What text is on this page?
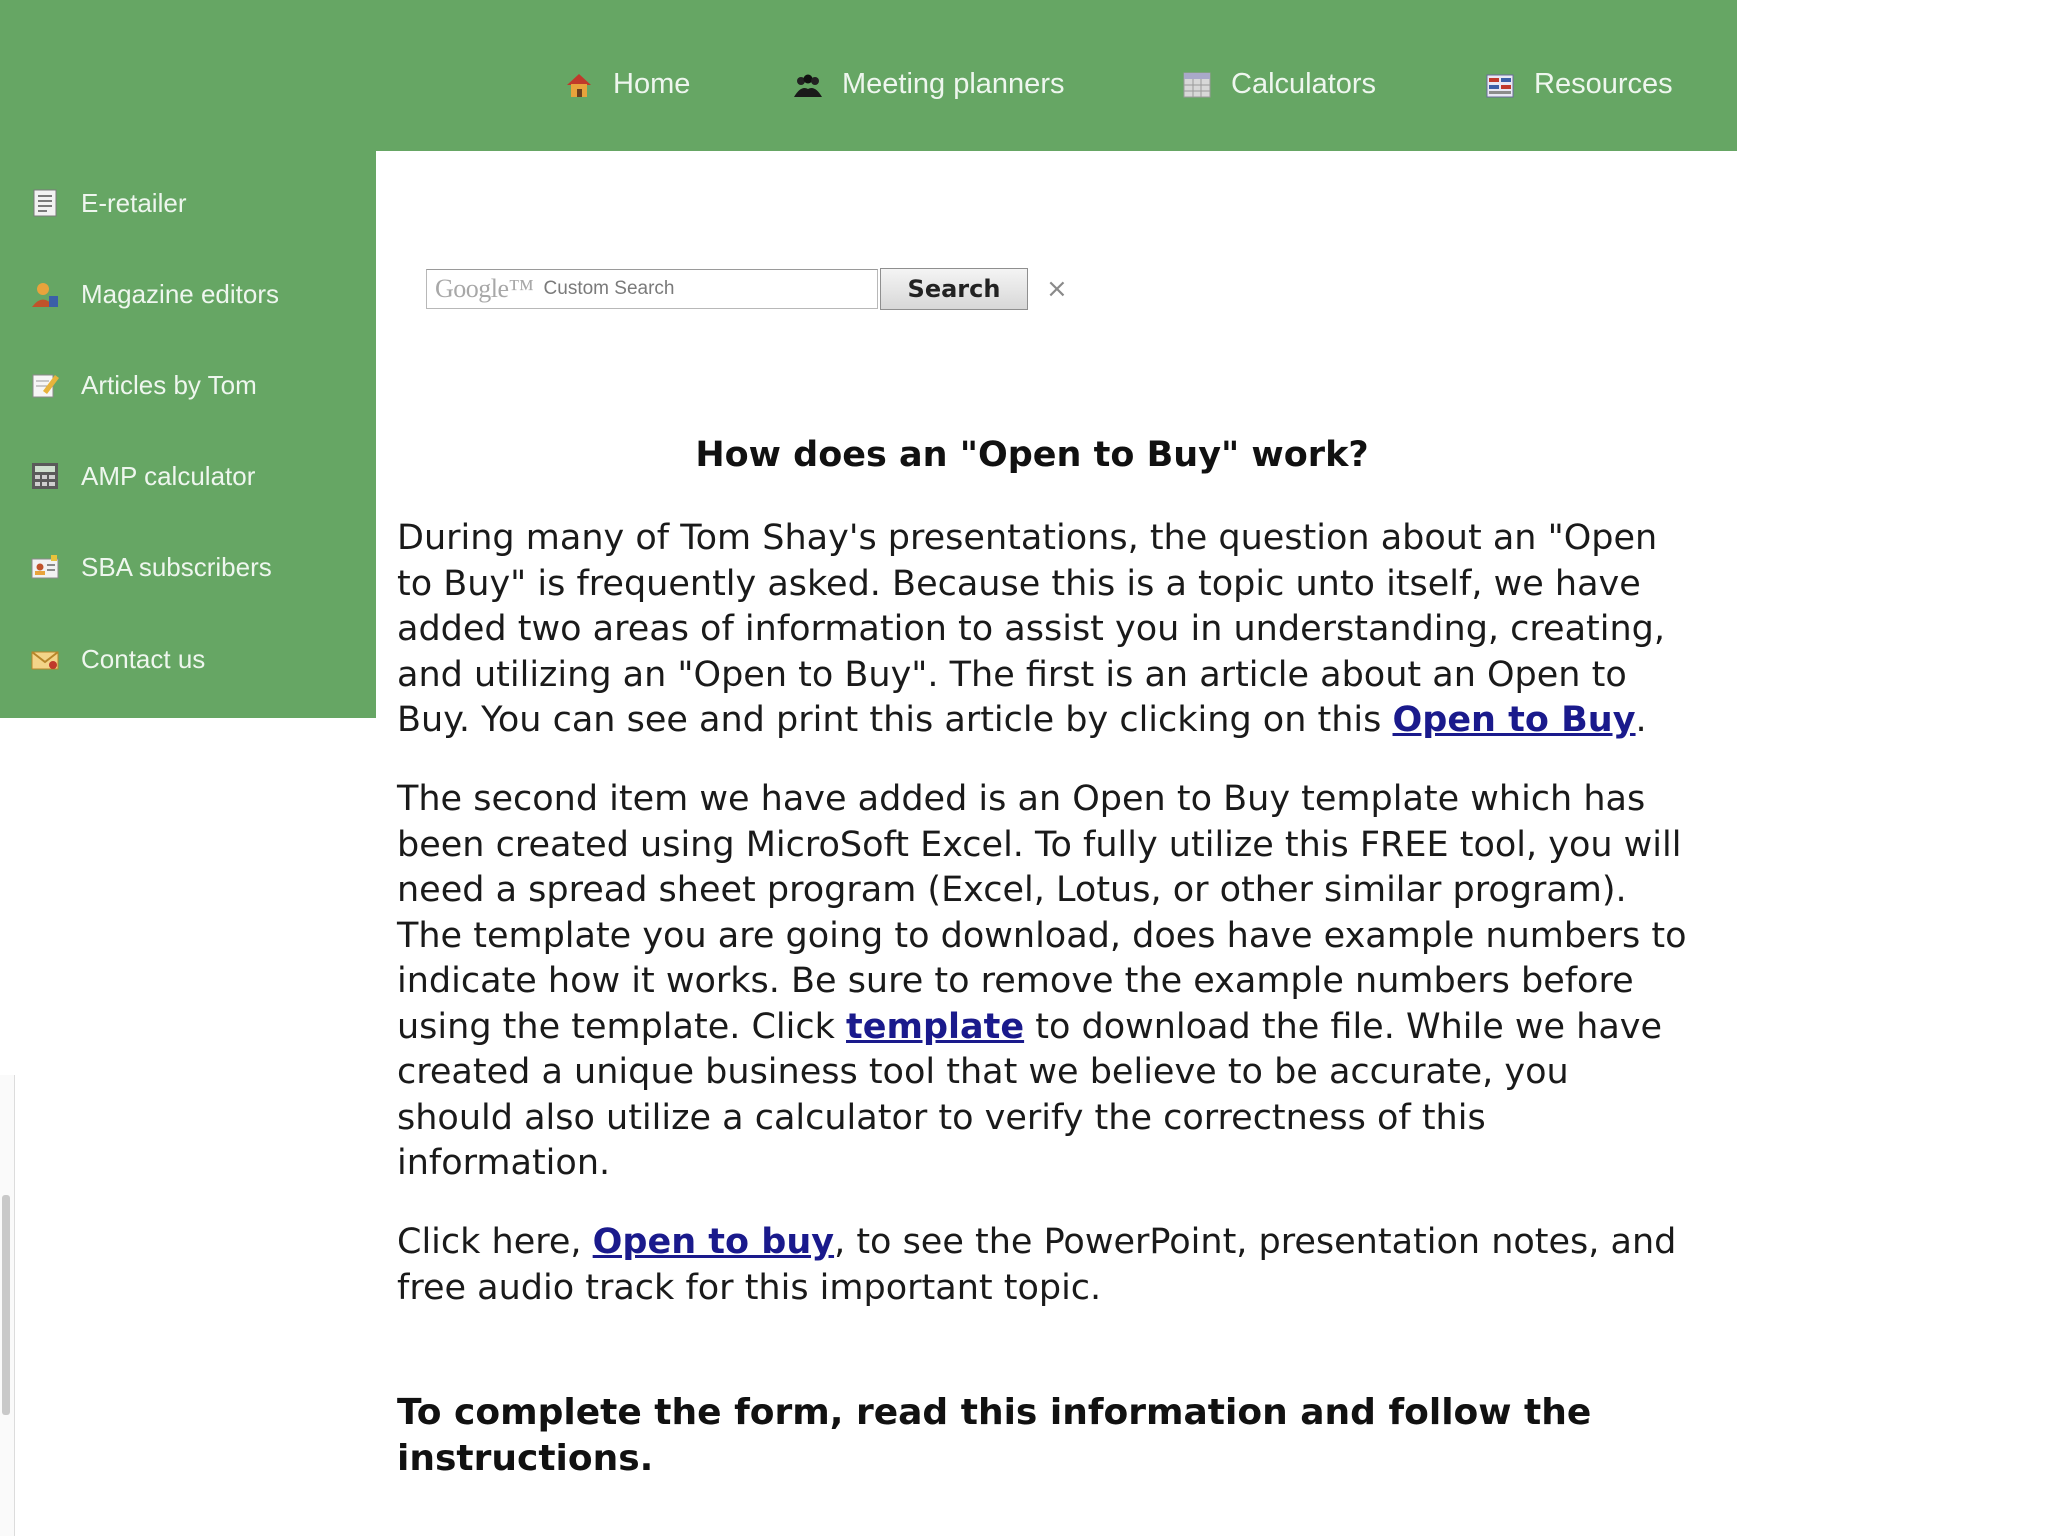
Home	Meeting planners	Calculators	Resources
E-retailer
Magazine editors
Articles by Tom
AMP calculator
SBA subscribers
Contact us
Google™ Custom Search	Search	×
How does an "Open to Buy" work?

During many of Tom Shay's presentations, the question about an "Open to Buy" is frequently asked. Because this is a topic unto itself, we have added two areas of information to assist you in understanding, creating, and utilizing an "Open to Buy". The first is an article about an Open to Buy. You can see and print this article by clicking on this Open to Buy.

The second item we have added is an Open to Buy template which has been created using MicroSoft Excel. To fully utilize this FREE tool, you will need a spread sheet program (Excel, Lotus, or other similar program). The template you are going to download, does have example numbers to indicate how it works. Be sure to remove the example numbers before using the template. Click template to download the file. While we have created a unique business tool that we believe to be accurate, you should also utilize a calculator to verify the correctness of this information.

Click here, Open to buy, to see the PowerPoint, presentation notes, and free audio track for this important topic.

To complete the form, read this information and follow the instructions.
